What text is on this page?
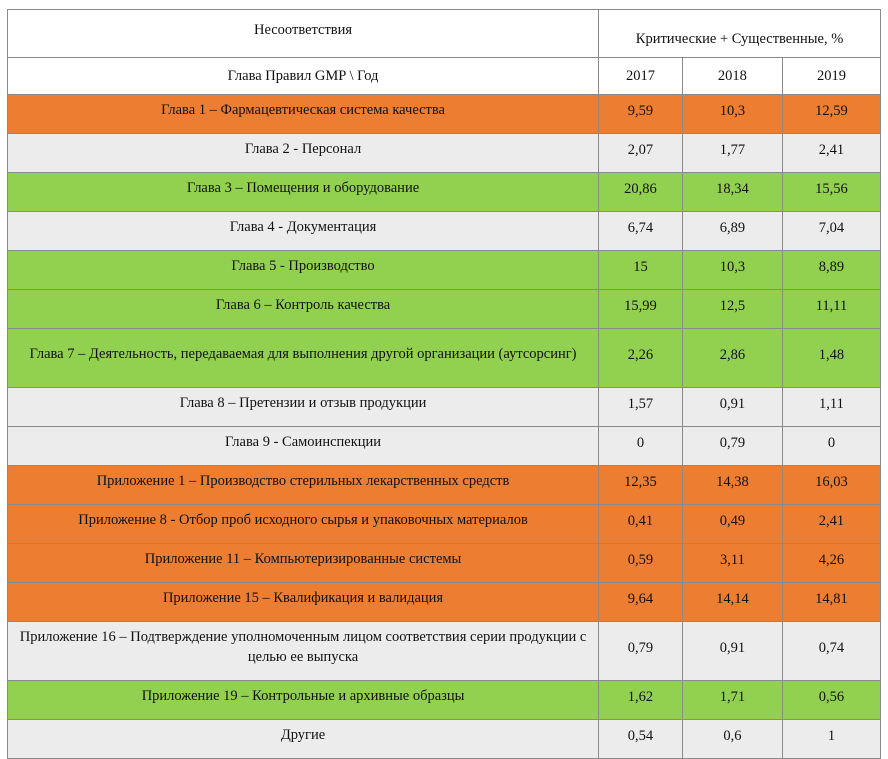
Несоответствия	Критические + Существенные, %		

Глава Правил GMP \ Год	2017	2018	2019
Глава 1 – Фармацевтическая система качества	9,59	10,3	12,59
Глава 2 - Персонал	2,07	1,77	2,41
Глава 3 – Помещения и оборудование	20,86	18,34	15,56
Глава 4 - Документация	6,74	6,89	7,04
Глава 5 - Производство	15	10,3	8,89
Глава 6 – Контроль качества	15,99	12,5	11,11
Глава 7 – Деятельность, передаваемая для выполнения другой организации (аутсорсинг)	2,26	2,86	1,48
Глава 8 – Претензии и отзыв продукции	1,57	0,91	1,11
Глава 9 - Самоинспекции	0	0,79	0
Приложение 1 – Производство стерильных лекарственных средств	12,35	14,38	16,03
Приложение 8 - Отбор проб исходного сырья и упаковочных материалов	0,41	0,49	2,41
Приложение 11 – Компьютеризированные системы	0,59	3,11	4,26
Приложение 15 – Квалификация и валидация	9,64	14,14	14,81
Приложение 16 – Подтверждение уполномоченным лицом соответствия серии продукции с целью ее выпуска	0,79	0,91	0,74
Приложение 19 – Контрольные и архивные образцы	1,62	1,71	0,56
Другие	0,54	0,6	1
